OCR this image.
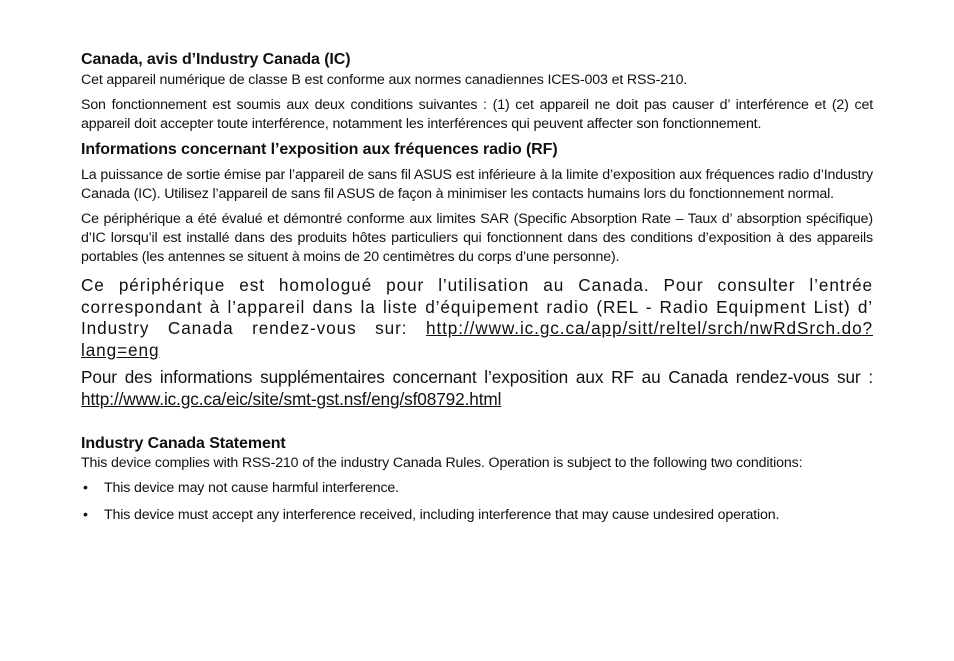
Canada, avis d’Industry Canada (IC)

Cet appareil numérique de classe B est conforme aux normes canadiennes ICES-003 et RSS-210.

Son fonctionnement est soumis aux deux conditions suivantes : (1) cet appareil ne doit pas causer d’ interférence et (2) cet appareil doit accepter toute interférence, notamment les interférences qui peuvent affecter son fonctionnement.

Informations concernant l’exposition aux fréquences radio (RF)

La puissance de sortie émise par l’appareil de sans fil ASUS est inférieure à la limite d’exposition aux fréquences radio d’Industry Canada (IC). Utilisez l’appareil de sans fil ASUS de façon à minimiser les contacts humains lors du fonctionnement normal.

Ce périphérique a été évalué et démontré conforme aux limites SAR (Specific Absorption Rate – Taux d’ absorption spécifique) d’IC lorsqu’il est installé dans des produits hôtes particuliers qui fonctionnent dans des conditions d’exposition à des appareils portables (les antennes se situent à moins de 20 centimètres du corps d’une personne).

Ce périphérique est homologué pour l’utilisation au Canada. Pour consulter l’entrée correspondant à l’appareil dans la liste d’équipement radio (REL - Radio Equipment List) d’ Industry Canada rendez-vous sur: http://www.ic.gc.ca/app/sitt/reltel/srch/nwRdSrch.do?lang=eng

Pour des informations supplémentaires concernant l’exposition aux RF au Canada rendez-vous sur : http://www.ic.gc.ca/eic/site/smt-gst.nsf/eng/sf08792.html

Industry Canada Statement

This device complies with RSS-210 of the industry Canada Rules. Operation is subject to the following two conditions:

• This device may not cause harmful interference.
• This device must accept any interference received, including interference that may cause undesired operation.
